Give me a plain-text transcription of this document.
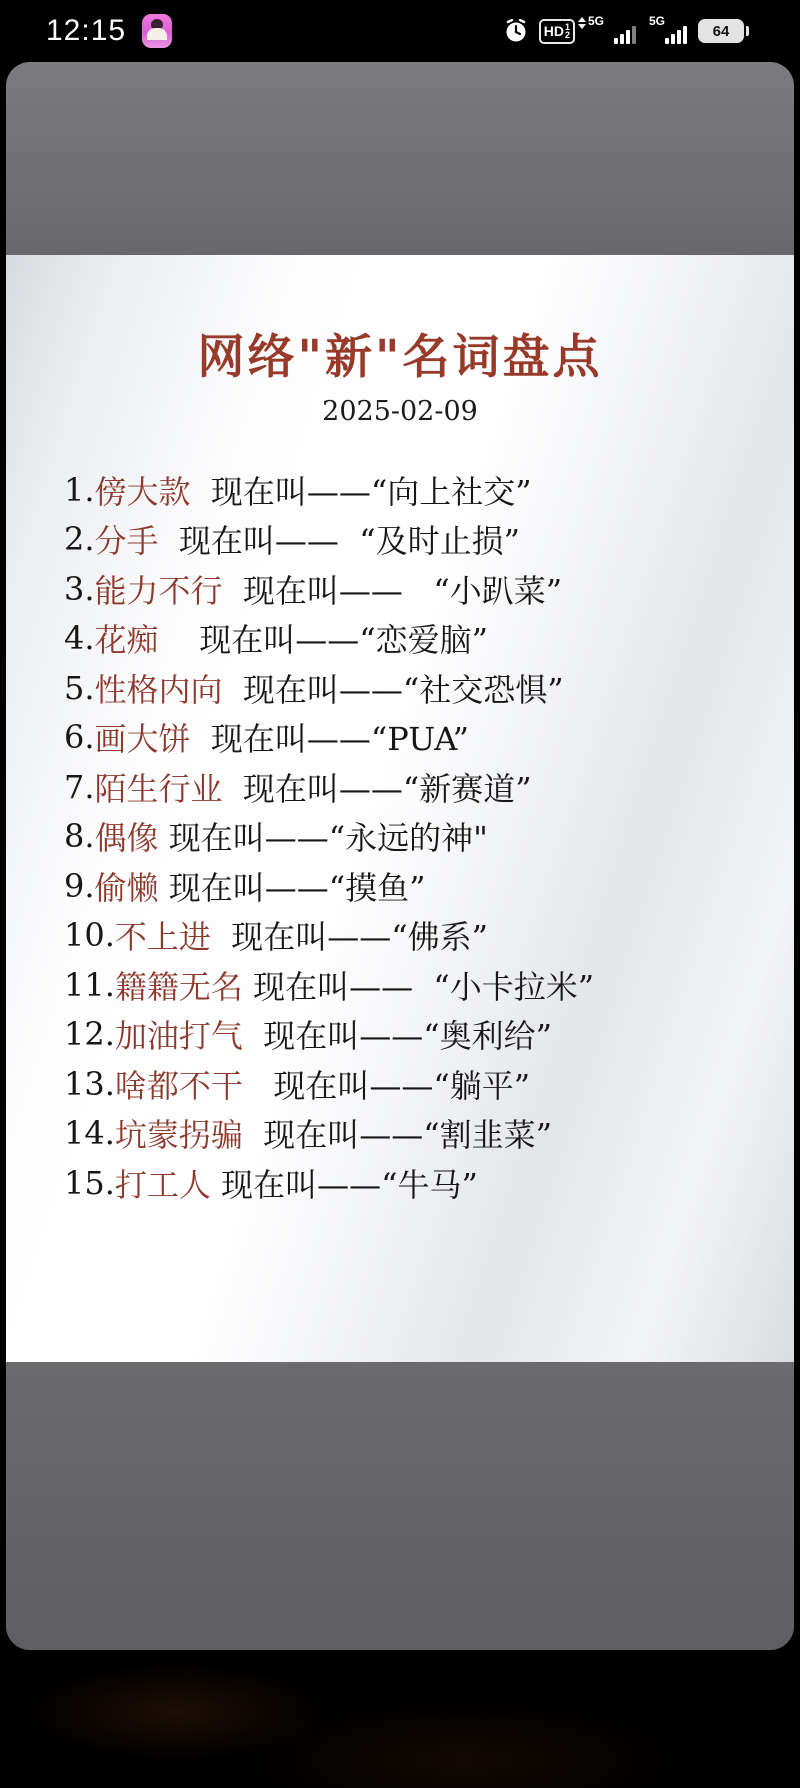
12:15	HD 1
2
5G	5G
64
网络"新"名词盘点
2025-02-09
1. 傍大款 现在叫——“向上社交”
2. 分手 现在叫——  “及时止损”
3. 能力不行 现在叫——   “小趴菜”
4. 花痴 现在叫——“恋爱脑”
5. 性格内向 现在叫——“社交恐惧”
6. 画大饼 现在叫——“PUA”
7. 陌生行业 现在叫——“新赛道”
8. 偶像 现在叫——“永远的神"
9. 偷懒 现在叫——“摸鱼”
10. 不上进 现在叫——“佛系”
11. 籍籍无名 现在叫——  “小卡拉米”
12. 加油打气 现在叫——“奥利给”
13. 啥都不干 现在叫——“躺平”
14. 坑蒙拐骗 现在叫——“割韭菜”
15. 打工人 现在叫——“牛马”
